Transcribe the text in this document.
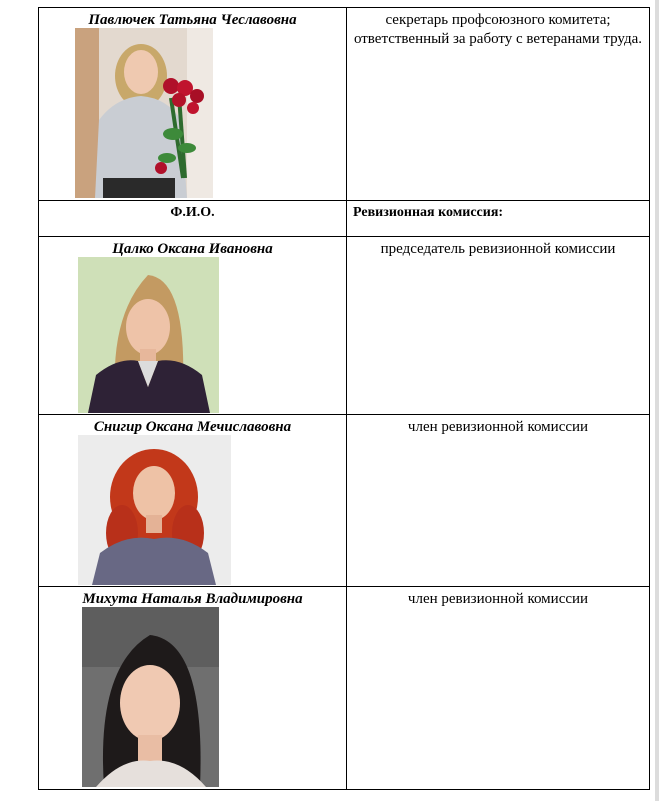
Павлючек Татьяна Чеславовна	секретарь профсоюзного комитета; ответственный за работу с ветеранами труда.

Ф.И.О.	Ревизионная комиссия:

Цалко Оксана Ивановна	председатель ревизионной комиссии

Снигир Оксана Мечиславовна	член ревизионной комиссии

Михута Наталья Владимировна	член ревизионной комиссии
